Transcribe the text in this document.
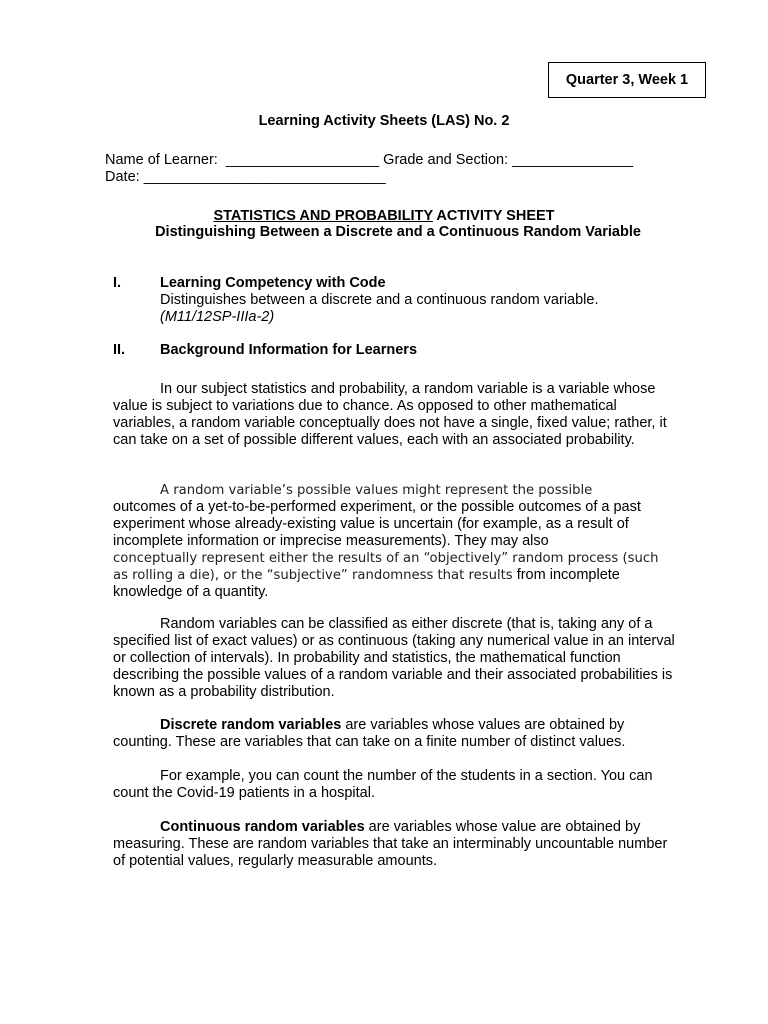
Quarter 3, Week 1
Learning Activity Sheets (LAS) No. 2
Name of Learner: ___________________ Grade and Section: _______________
Date: ______________________________
STATISTICS AND PROBABILITY ACTIVITY SHEET
Distinguishing Between a Discrete and a Continuous Random Variable
I.	Learning Competency with Code
Distinguishes between a discrete and a continuous random variable.
(M11/12SP-IIIa-2)
II. Background Information for Learners
In our subject statistics and probability, a random variable is a variable whose value is subject to variations due to chance. As opposed to other mathematical variables, a random variable conceptually does not have a single, fixed value; rather, it can take on a set of possible different values, each with an associated probability.

A random variable’s possible values might represent the possible

outcomes of a yet-to-be-performed experiment, or the possible outcomes of a past experiment whose already-existing value is uncertain (for example, as a result of incomplete information or imprecise measurements). They may also

conceptually represent either the results of an “objectively” random process (such as rolling a die), or the “subjective” randomness that results from incomplete knowledge of a quantity.

Random variables can be classified as either discrete (that is, taking any of a specified list of exact values) or as continuous (taking any numerical value in an interval or collection of intervals). In probability and statistics, the mathematical function describing the possible values of a random variable and their associated probabilities is known as a probability distribution.
Discrete random variables are variables whose values are obtained by counting. These are variables that can take on a finite number of distinct values.
For example, you can count the number of the students in a section. You can count the Covid-19 patients in a hospital.
Continuous random variables are variables whose value are obtained by measuring. These are random variables that take an interminably uncountable number of potential values, regularly measurable amounts.
